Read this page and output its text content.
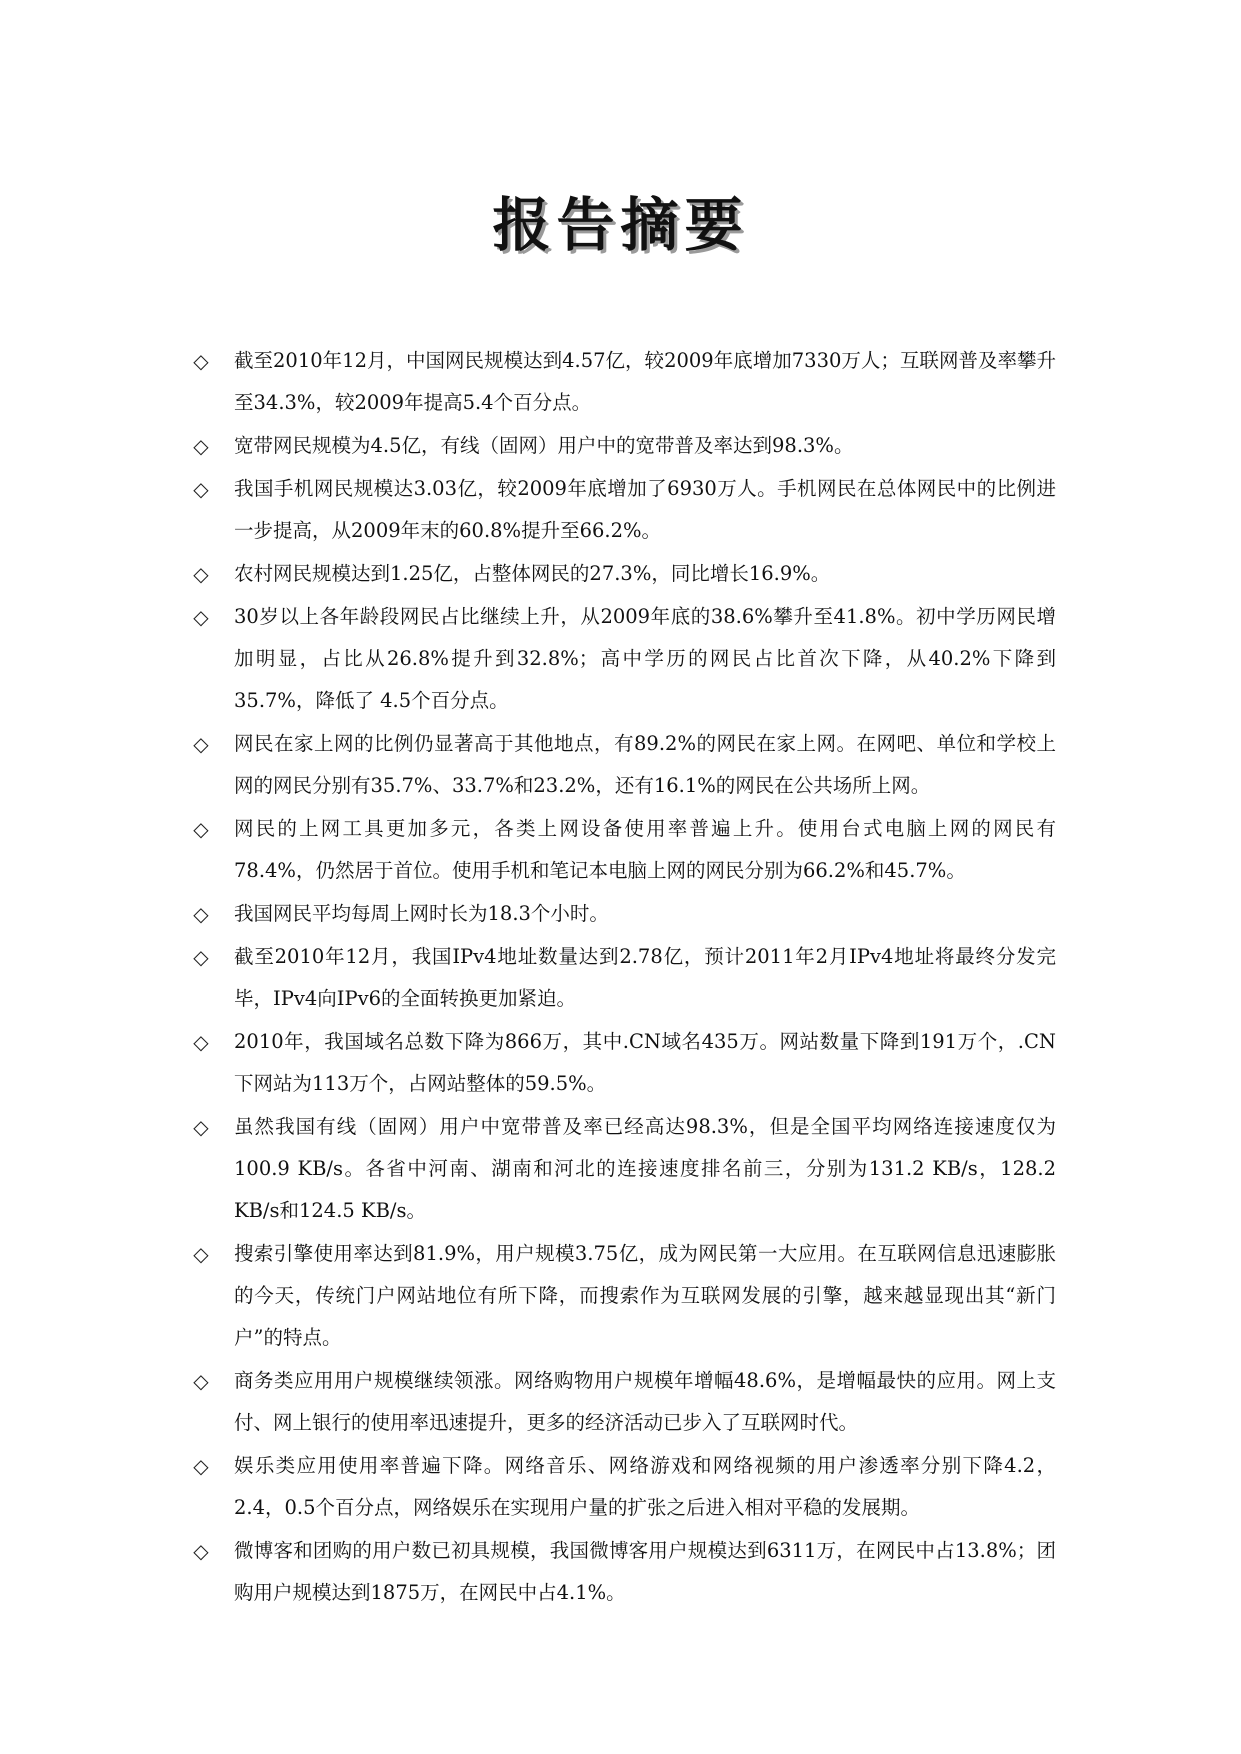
报告摘要
◇	截至2010年12月，中国网民规模达到4.57亿，较2009年底增加7330万人；互联网普及率攀升至34.3%，较2009年提高5.4个百分点。
◇	宽带网民规模为4.5亿，有线（固网）用户中的宽带普及率达到98.3%。
◇	我国手机网民规模达3.03亿，较2009年底增加了6930万人。手机网民在总体网民中的比例进一步提高，从2009年末的60.8%提升至66.2%。
◇	农村网民规模达到1.25亿，占整体网民的27.3%，同比增长16.9%。
◇	30岁以上各年龄段网民占比继续上升，从2009年底的38.6%攀升至41.8%。初中学历网民增加明显，占比从26.8%提升到32.8%；高中学历的网民占比首次下降，从40.2%下降到35.7%，降低了 4.5个百分点。
◇	网民在家上网的比例仍显著高于其他地点，有89.2%的网民在家上网。在网吧、单位和学校上网的网民分别有35.7%、33.7%和23.2%，还有16.1%的网民在公共场所上网。
◇	网民的上网工具更加多元，各类上网设备使用率普遍上升。使用台式电脑上网的网民有78.4%，仍然居于首位。使用手机和笔记本电脑上网的网民分别为66.2%和45.7%。
◇	我国网民平均每周上网时长为18.3个小时。
◇	截至2010年12月，我国IPv4地址数量达到2.78亿，预计2011年2月IPv4地址将最终分发完毕，IPv4向IPv6的全面转换更加紧迫。
◇	2010年，我国域名总数下降为866万，其中.CN域名435万。网站数量下降到191万个，.CN下网站为113万个，占网站整体的59.5%。
◇	虽然我国有线（固网）用户中宽带普及率已经高达98.3%，但是全国平均网络连接速度仅为100.9 KB/s。各省中河南、湖南和河北的连接速度排名前三，分别为131.2 KB/s，128.2 KB/s和124.5 KB/s。
◇	搜索引擎使用率达到81.9%，用户规模3.75亿，成为网民第一大应用。在互联网信息迅速膨胀的今天，传统门户网站地位有所下降，而搜索作为互联网发展的引擎，越来越显现出其“新门户”的特点。
◇	商务类应用用户规模继续领涨。网络购物用户规模年增幅48.6%，是增幅最快的应用。网上支付、网上银行的使用率迅速提升，更多的经济活动已步入了互联网时代。
◇	娱乐类应用使用率普遍下降。网络音乐、网络游戏和网络视频的用户渗透率分别下降4.2，2.4，0.5个百分点，网络娱乐在实现用户量的扩张之后进入相对平稳的发展期。
◇	微博客和团购的用户数已初具规模，我国微博客用户规模达到6311万，在网民中占13.8%；团购用户规模达到1875万，在网民中占4.1%。
